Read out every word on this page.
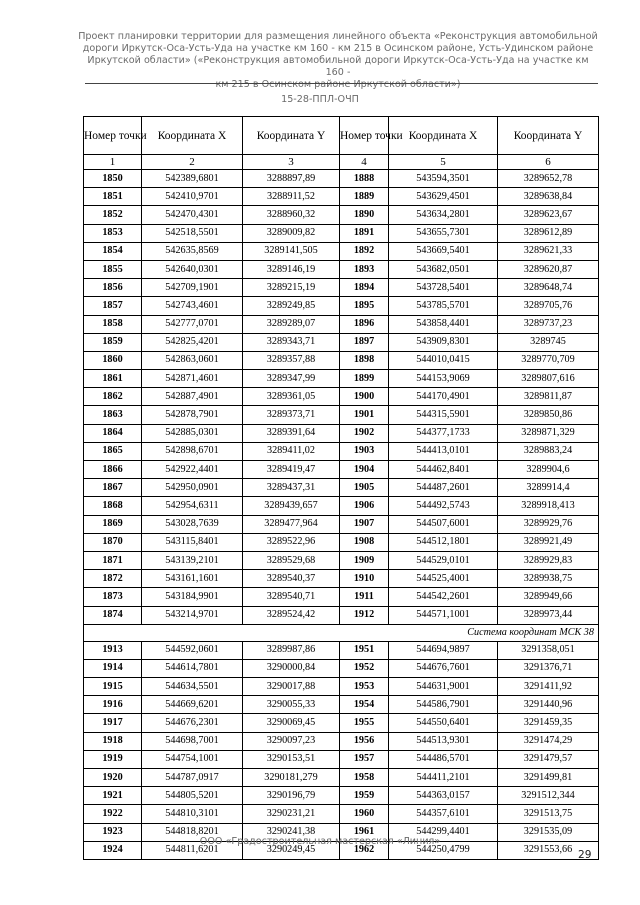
Проект планировки территории для размещения линейного объекта «Реконструкция автомобильной
дороги Иркутск-Оса-Усть-Уда на участке км 160 - км 215 в Осинском районе, Усть-Удинском районе
Иркутской области» («Реконструкция автомобильной дороги Иркутск-Оса-Усть-Уда на участке км 160 -
км 215 в Осинском районе Иркутской области»)
15-28-ППЛ-ОЧП
Номер точки	Координата X	Координата Y	Номер точки	Координата X	Координата Y
1	2	3	4	5	6
1850	542389,6801	3288897,89	1888	543594,3501	3289652,78
1851	542410,9701	3288911,52	1889	543629,4501	3289638,84
1852	542470,4301	3288960,32	1890	543634,2801	3289623,67
1853	542518,5501	3289009,82	1891	543655,7301	3289612,89
1854	542635,8569	3289141,505	1892	543669,5401	3289621,33
1855	542640,0301	3289146,19	1893	543682,0501	3289620,87
1856	542709,1901	3289215,19	1894	543728,5401	3289648,74
1857	542743,4601	3289249,85	1895	543785,5701	3289705,76
1858	542777,0701	3289289,07	1896	543858,4401	3289737,23
1859	542825,4201	3289343,71	1897	543909,8301	3289745
1860	542863,0601	3289357,88	1898	544010,0415	3289770,709
1861	542871,4601	3289347,99	1899	544153,9069	3289807,616
1862	542887,4901	3289361,05	1900	544170,4901	3289811,87
1863	542878,7901	3289373,71	1901	544315,5901	3289850,86
1864	542885,0301	3289391,64	1902	544377,1733	3289871,329
1865	542898,6701	3289411,02	1903	544413,0101	3289883,24
1866	542922,4401	3289419,47	1904	544462,8401	3289904,6
1867	542950,0901	3289437,31	1905	544487,2601	3289914,4
1868	542954,6311	3289439,657	1906	544492,5743	3289918,413
1869	543028,7639	3289477,964	1907	544507,6001	3289929,76
1870	543115,8401	3289522,96	1908	544512,1801	3289921,49
1871	543139,2101	3289529,68	1909	544529,0101	3289929,83
1872	543161,1601	3289540,37	1910	544525,4001	3289938,75
1873	543184,9901	3289540,71	1911	544542,2601	3289949,66
1874	543214,9701	3289524,42	1912	544571,1001	3289973,44
Система координат МСК 38					
1913	544592,0601	3289987,86	1951	544694,9897	3291358,051
1914	544614,7801	3290000,84	1952	544676,7601	3291376,71
1915	544634,5501	3290017,88	1953	544631,9001	3291411,92
1916	544669,6201	3290055,33	1954	544586,7901	3291440,96
1917	544676,2301	3290069,45	1955	544550,6401	3291459,35
1918	544698,7001	3290097,23	1956	544513,9301	3291474,29
1919	544754,1001	3290153,51	1957	544486,5701	3291479,57
1920	544787,0917	3290181,279	1958	544411,2101	3291499,81
1921	544805,5201	3290196,79	1959	544363,0157	3291512,344
1922	544810,3101	3290231,21	1960	544357,6101	3291513,75
1923	544818,8201	3290241,38	1961	544299,4401	3291535,09
1924	544811,6201	3290249,45	1962	544250,4799	3291553,66
ООО «Градостроительная мастерская «Линия»
29
